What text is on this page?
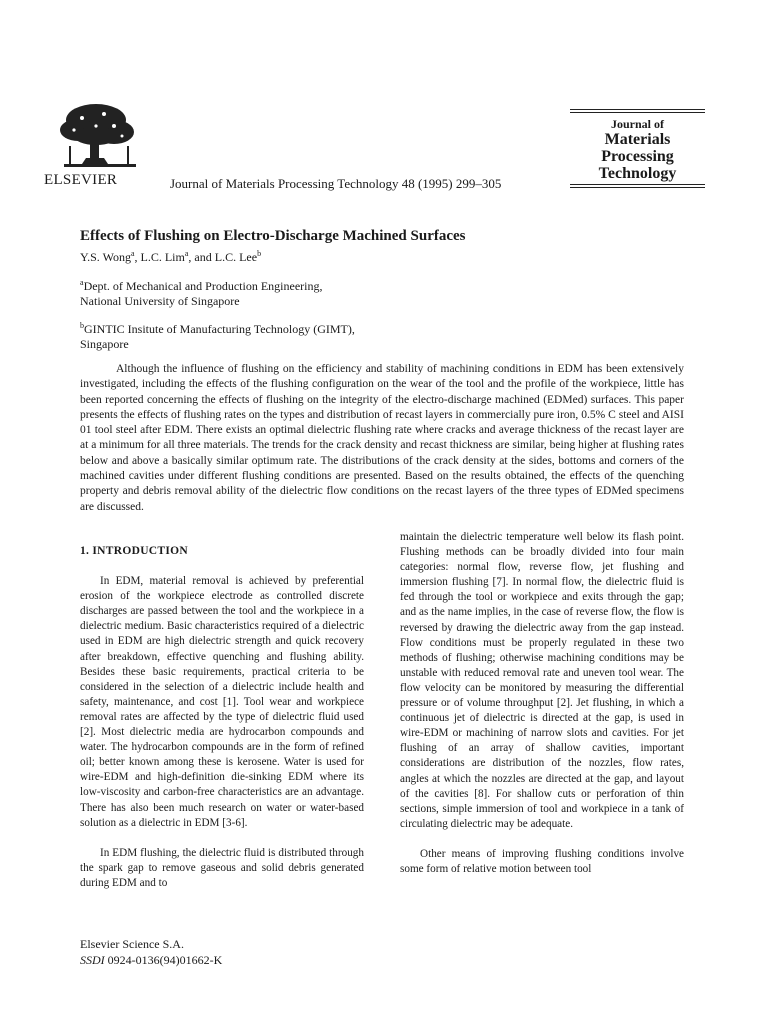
ELSEVIER	Journal of Materials Processing Technology 48 (1995) 299–305
Journal of
Materials
Processing
Technology
Effects of Flushing on Electro-Discharge Machined Surfaces
Y.S. Wong$^a$, L.C. Lim$^a$, and L.C. Lee$^b$
$^a$Dept. of Mechanical and Production Engineering,
National University of Singapore
$^b$GINTIC Insitute of Manufacturing Technology (GIMT),
Singapore

Although the influence of flushing on the efficiency and stability of machining conditions in EDM has been extensively investigated, including the effects of the flushing configuration on the wear of the tool and the profile of the workpiece, little has been reported concerning the effects of flushing on the integrity of the electro-discharge machined (EDMed) surfaces. This paper presents the effects of flushing rates on the types and distribution of recast layers in commercially pure iron, 0.5% C steel and AISI 01 tool steel after EDM. There exists an optimal dielectric flushing rate where cracks and average thickness of the recast layer are at a minimum for all three materials. The trends for the crack density and recast thickness are similar, being higher at flushing rates below and above a basically similar optimum rate. The distributions of the crack density at the sides, bottoms and corners of the machined cavities under different flushing conditions are presented. Based on the results obtained, the effects of the quenching property and debris removal ability of the dielectric flow conditions on the recast layers of the three types of EDMed specimens are discussed.

1. INTRODUCTION

In EDM, material removal is achieved by preferential erosion of the workpiece electrode as controlled discrete discharges are passed between the tool and the workpiece in a dielectric medium. Basic characteristics required of a dielectric used in EDM are high dielectric strength and quick recovery after breakdown, effective quenching and flushing ability. Besides these basic requirements, practical criteria to be considered in the selection of a dielectric include health and safety, maintenance, and cost [1]. Tool wear and workpiece removal rates are affected by the type of dielectric fluid used [2]. Most dielectric media are hydrocarbon compounds and water. The hydrocarbon compounds are in the form of refined oil; better known among these is kerosene. Water is used for wire-EDM and high-definition die-sinking EDM where its low-viscosity and carbon-free characteristics are an advantage. There has also been much research on water or water-based solution as a dielectric in EDM [3-6].

In EDM flushing, the dielectric fluid is distributed through the spark gap to remove gaseous and solid debris generated during EDM and to

maintain the dielectric temperature well below its flash point. Flushing methods can be broadly divided into four main categories: normal flow, reverse flow, jet flushing and immersion flushing [7]. In normal flow, the dielectric fluid is fed through the tool or workpiece and exits through the gap; and as the name implies, in the case of reverse flow, the flow is reversed by drawing the dielectric away from the gap instead. Flow conditions must be properly regulated in these two methods of flushing; otherwise machining conditions may be unstable with reduced removal rate and uneven tool wear. The flow velocity can be monitored by measuring the differential pressure or of volume throughput [2]. Jet flushing, in which a continuous jet of dielectric is directed at the gap, is used in wire-EDM or machining of narrow slots and cavities. For jet flushing of an array of shallow cavities, important considerations are distribution of the nozzles, flow rates, angles at which the nozzles are directed at the gap, and layout of the cavities [8]. For shallow cuts or perforation of thin sections, simple immersion of tool and workpiece in a tank of circulating dielectric may be adequate.

Other means of improving flushing conditions involve some form of relative motion between tool

Elsevier Science S.A.
SSDI 0924-0136(94)01662-K
